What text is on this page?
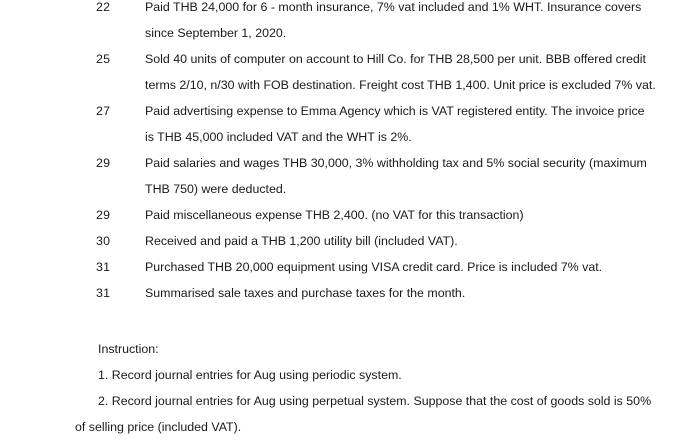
22	Paid THB 24,000 for 6 - month insurance, 7% vat included and 1% WHT. Insurance covers
since September 1, 2020.
25	Sold 40 units of computer on account to Hill Co. for THB 28,500 per unit. BBB offered credit
terms 2/10, n/30 with FOB destination. Freight cost THB 1,400. Unit price is excluded 7% vat.
27	Paid advertising expense to Emma Agency which is VAT registered entity. The invoice price
is THB 45,000 included VAT and the WHT is 2%.
29	Paid salaries and wages THB 30,000, 3% withholding tax and 5% social security (maximum
THB 750) were deducted.
29	Paid miscellaneous expense THB 2,400. (no VAT for this transaction)
30	Received and paid a THB 1,200 utility bill (included VAT).
31	Purchased THB 20,000 equipment using VISA credit card. Price is included 7% vat.
31	Summarised sale taxes and purchase taxes for the month.
Instruction:
1. Record journal entries for Aug using periodic system.
2. Record journal entries for Aug using perpetual system. Suppose that the cost of goods sold is 50%
of selling price (included VAT).
